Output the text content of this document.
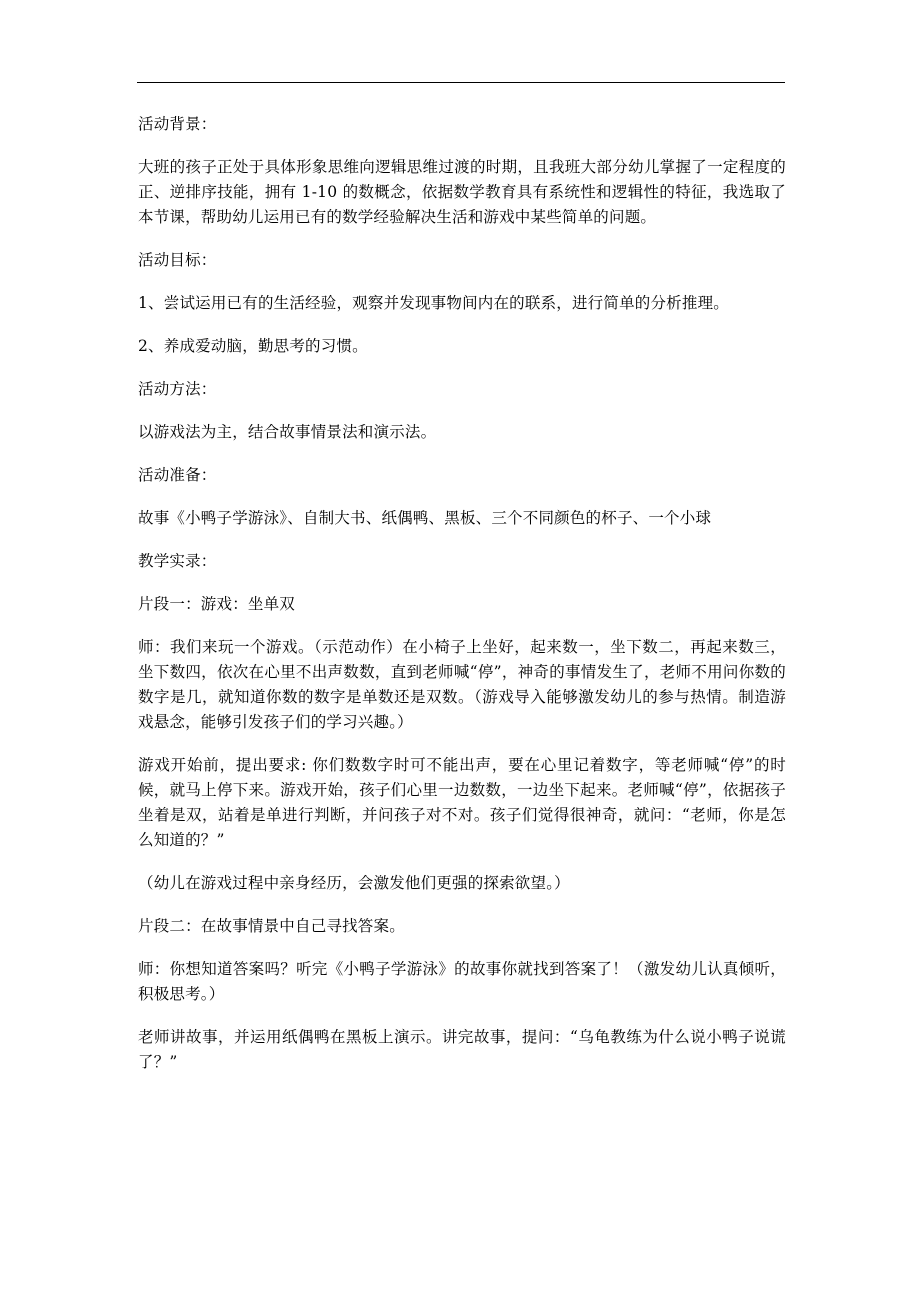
活动背景：

大班的孩子正处于具体形象思维向逻辑思维过渡的时期，且我班大部分幼儿掌握了一定程度的正、逆排序技能，拥有 1-10 的数概念，依据数学教育具有系统性和逻辑性的特征，我选取了本节课，帮助幼儿运用已有的数学经验解决生活和游戏中某些简单的问题。

活动目标：

1、尝试运用已有的生活经验，观察并发现事物间内在的联系，进行简单的分析推理。

2、养成爱动脑，勤思考的习惯。

活动方法：

以游戏法为主，结合故事情景法和演示法。

活动准备：

故事《小鸭子学游泳》、自制大书、纸偶鸭、黑板、三个不同颜色的杯子、一个小球

教学实录：

片段一：游戏：坐单双

师：我们来玩一个游戏。（示范动作）在小椅子上坐好，起来数一，坐下数二，再起来数三，坐下数四，依次在心里不出声数数，直到老师喊“停”，神奇的事情发生了，老师不用问你数的数字是几，就知道你数的数字是单数还是双数。（游戏导入能够激发幼儿的参与热情。制造游戏悬念，能够引发孩子们的学习兴趣。）

游戏开始前，提出要求: 你们数数字时可不能出声，要在心里记着数字，等老师喊“停”的时候，就马上停下来。游戏开始，孩子们心里一边数数，一边坐下起来。老师喊“停”，依据孩子坐着是双，站着是单进行判断，并问孩子对不对。孩子们觉得很神奇，就问：“老师，你是怎么知道的？”

（幼儿在游戏过程中亲身经历，会激发他们更强的探索欲望。）

片段二：在故事情景中自己寻找答案。

师：你想知道答案吗？听完《小鸭子学游泳》的故事你就找到答案了！（激发幼儿认真倾听，积极思考。）

老师讲故事，并运用纸偶鸭在黑板上演示。讲完故事，提问：“乌龟教练为什么说小鸭子说谎了？”
